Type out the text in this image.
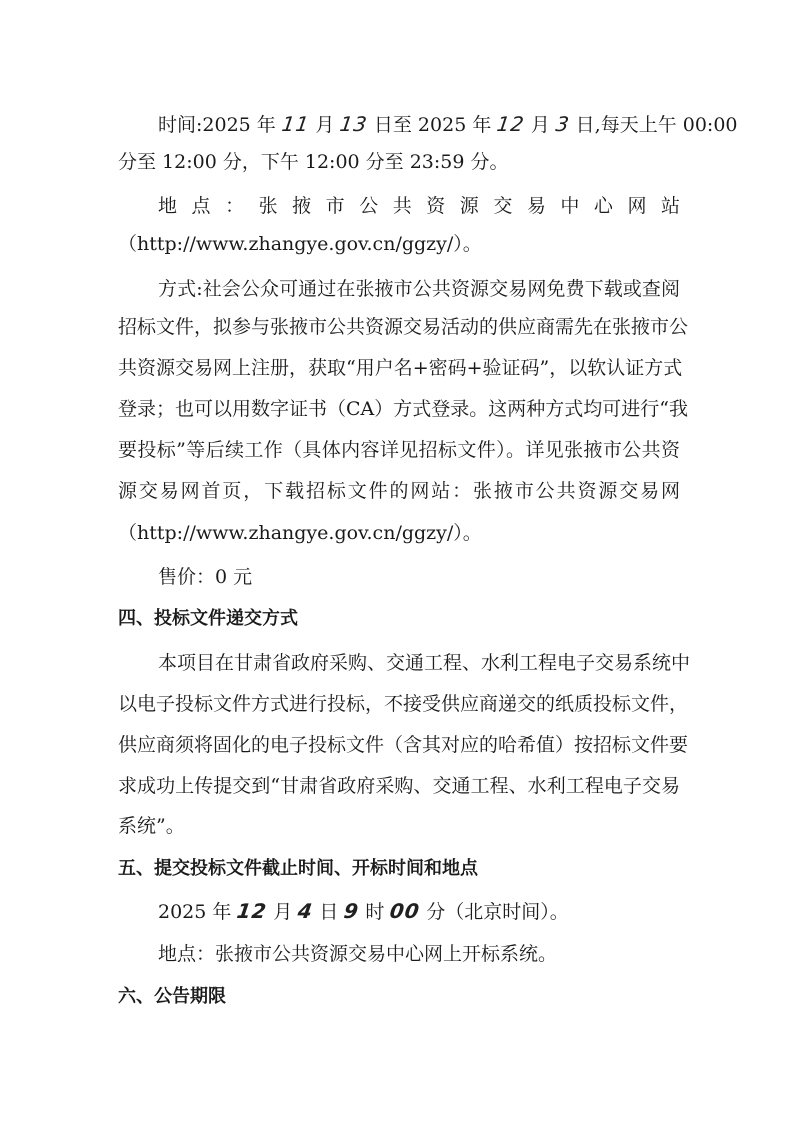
时间:2025 年 11 月 13 日至 2025 年 12 月 3 日,每天上午 00:00
分至 12:00 分，下午 12:00 分至 23:59 分。
地 点 ： 张 掖 市 公 共 资 源 交 易 中 心 网 站
（http://www.zhangye.gov.cn/ggzy/）。
方式:社会公众可通过在张掖市公共资源交易网免费下载或查阅
招标文件，拟参与张掖市公共资源交易活动的供应商需先在张掖市公
共资源交易网上注册，获取“用户名+密码+验证码”，以软认证方式
登录；也可以用数字证书（CA）方式登录。这两种方式均可进行“我
要投标”等后续工作（具体内容详见招标文件）。详见张掖市公共资
源交易网首页，下载招标文件的网站：张掖市公共资源交易网
（http://www.zhangye.gov.cn/ggzy/）。
售价：0 元
四、投标文件递交方式
本项目在甘肃省政府采购、交通工程、水利工程电子交易系统中
以电子投标文件方式进行投标，不接受供应商递交的纸质投标文件，
供应商须将固化的电子投标文件（含其对应的哈希值）按招标文件要
求成功上传提交到“甘肃省政府采购、交通工程、水利工程电子交易
系统”。
五、提交投标文件截止时间、开标时间和地点
2025 年 12 月 4 日 9 时 00 分（北京时间）。
地点：张掖市公共资源交易中心网上开标系统。
六、公告期限
